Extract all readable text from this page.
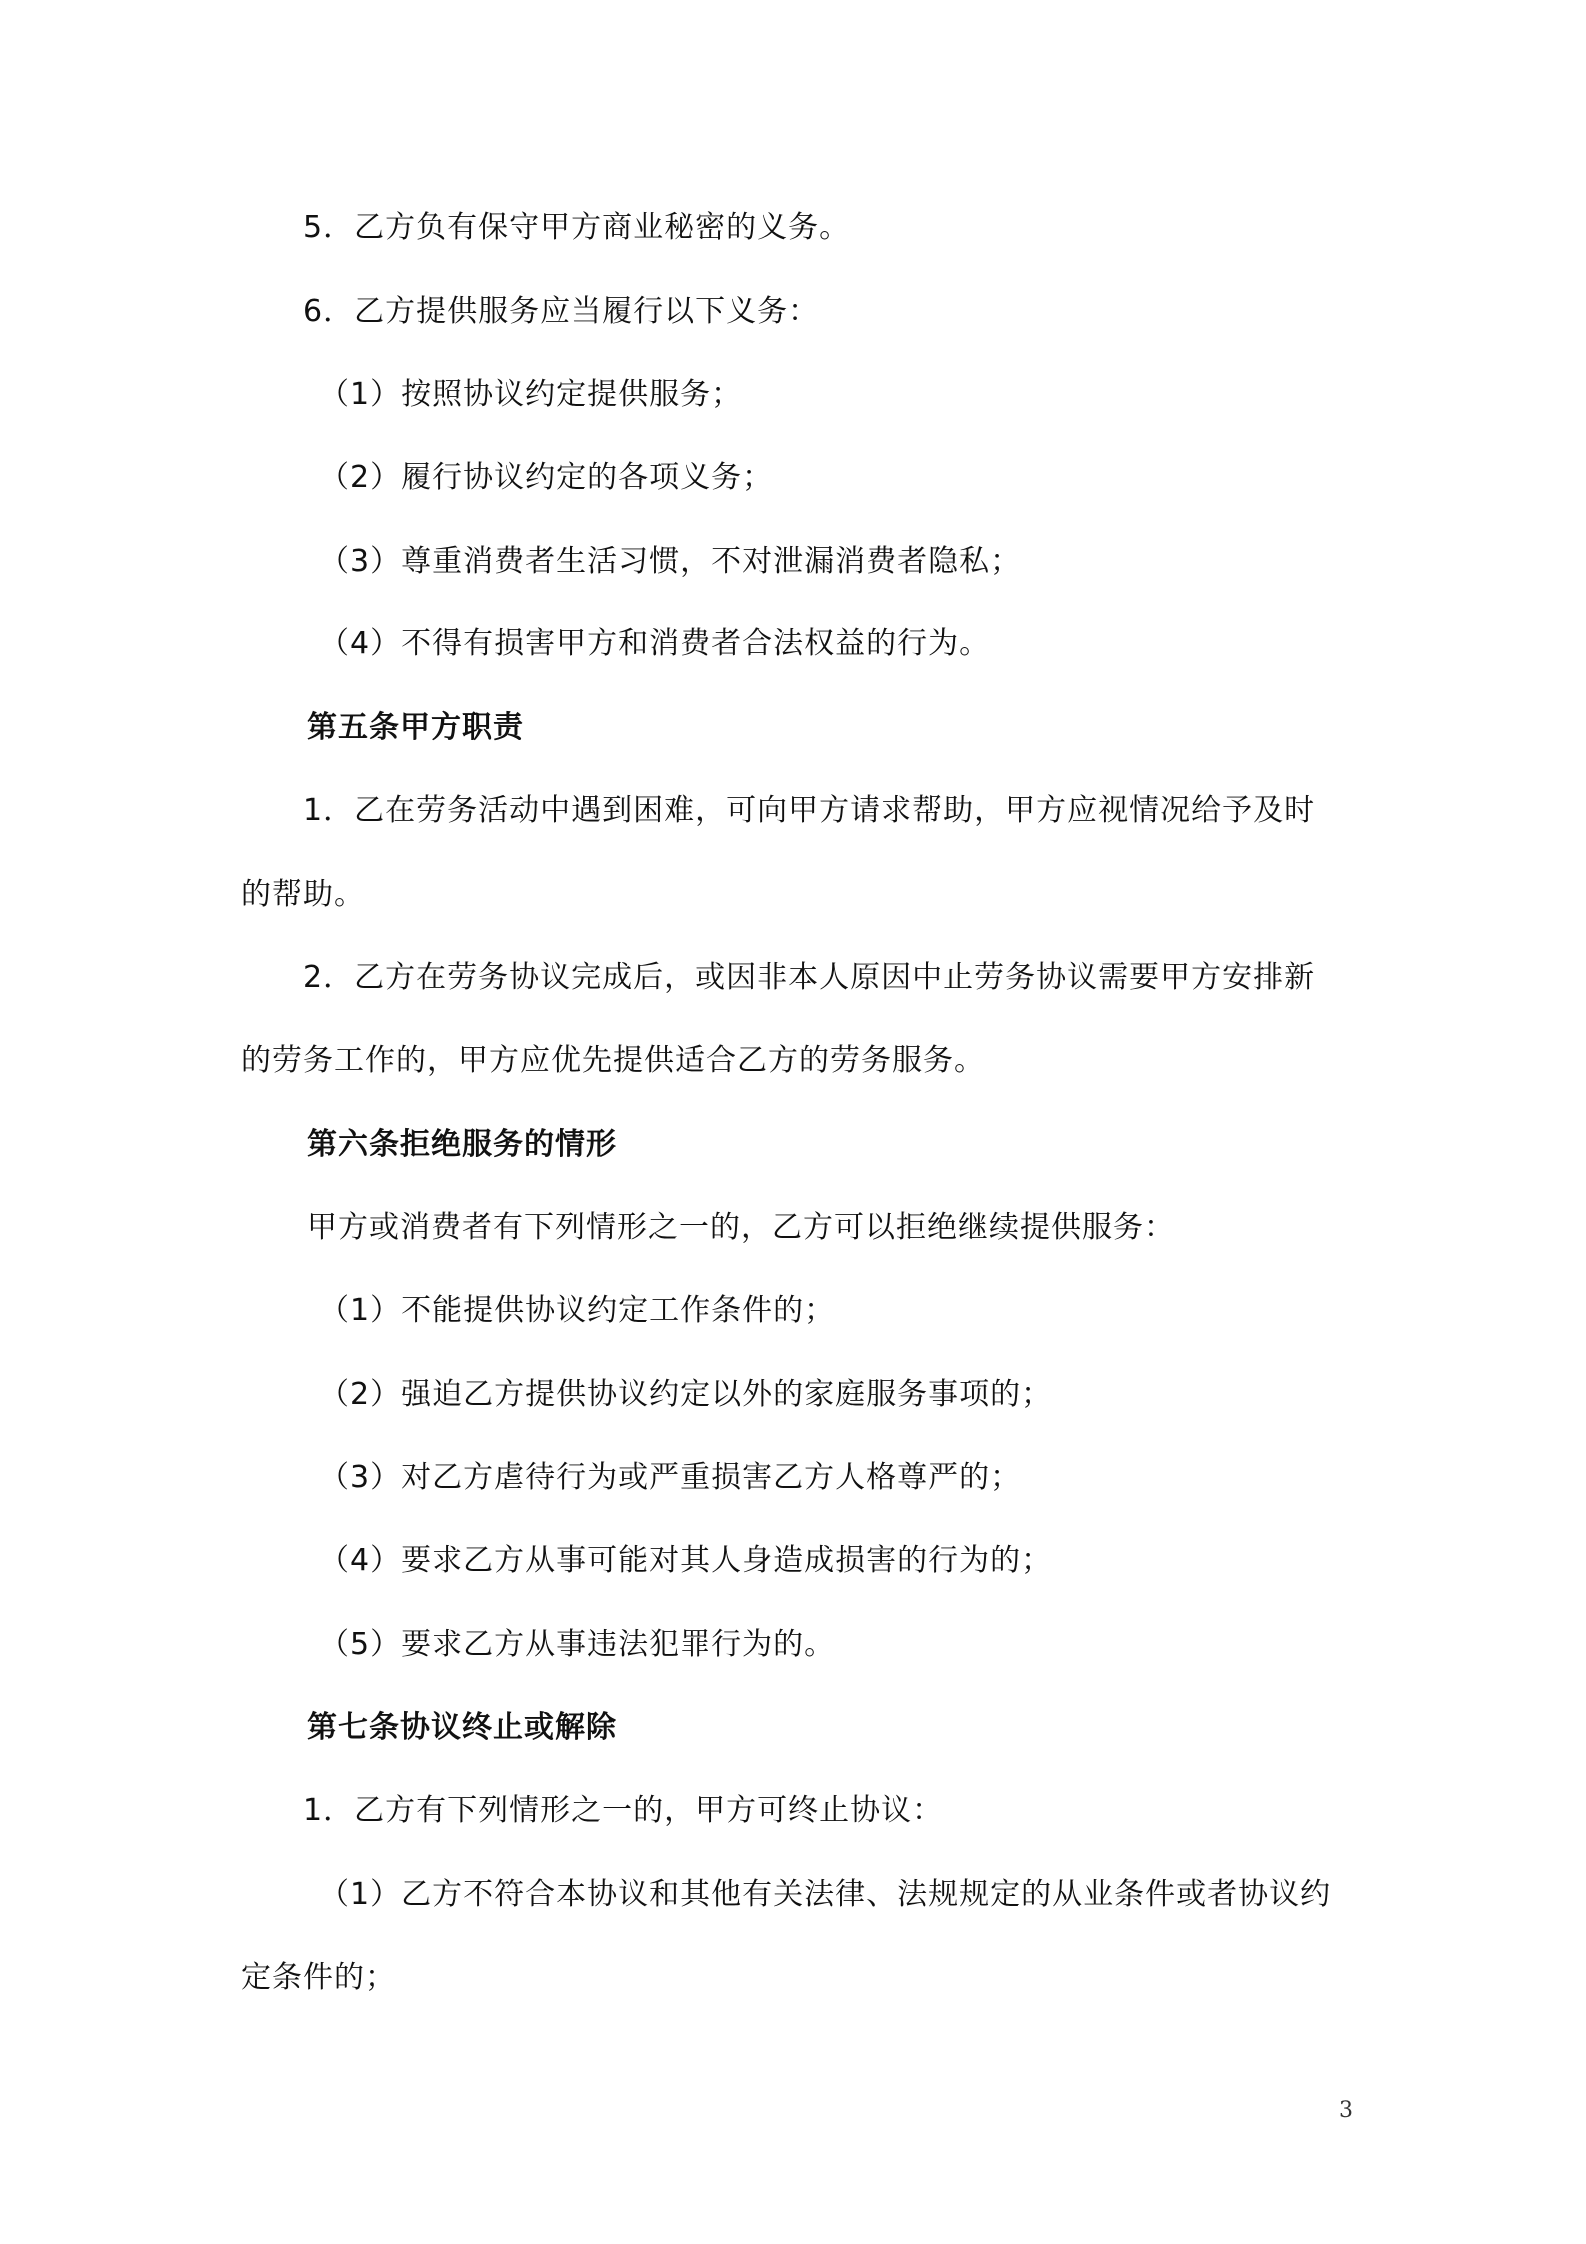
5．乙方负有保守甲方商业秘密的义务。
6．乙方提供服务应当履行以下义务：
（1）按照协议约定提供服务；
（2）履行协议约定的各项义务；
（3）尊重消费者生活习惯，不对泄漏消费者隐私；
（4）不得有损害甲方和消费者合法权益的行为。
第五条甲方职责
1．乙在劳务活动中遇到困难，可向甲方请求帮助，甲方应视情况给予及时
的帮助。
2．乙方在劳务协议完成后，或因非本人原因中止劳务协议需要甲方安排新
的劳务工作的，甲方应优先提供适合乙方的劳务服务。
第六条拒绝服务的情形
甲方或消费者有下列情形之一的，乙方可以拒绝继续提供服务：
（1）不能提供协议约定工作条件的；
（2）强迫乙方提供协议约定以外的家庭服务事项的；
（3）对乙方虐待行为或严重损害乙方人格尊严的；
（4）要求乙方从事可能对其人身造成损害的行为的；
（5）要求乙方从事违法犯罪行为的。
第七条协议终止或解除
1．乙方有下列情形之一的，甲方可终止协议：
（1）乙方不符合本协议和其他有关法律、法规规定的从业条件或者协议约
定条件的；
3
